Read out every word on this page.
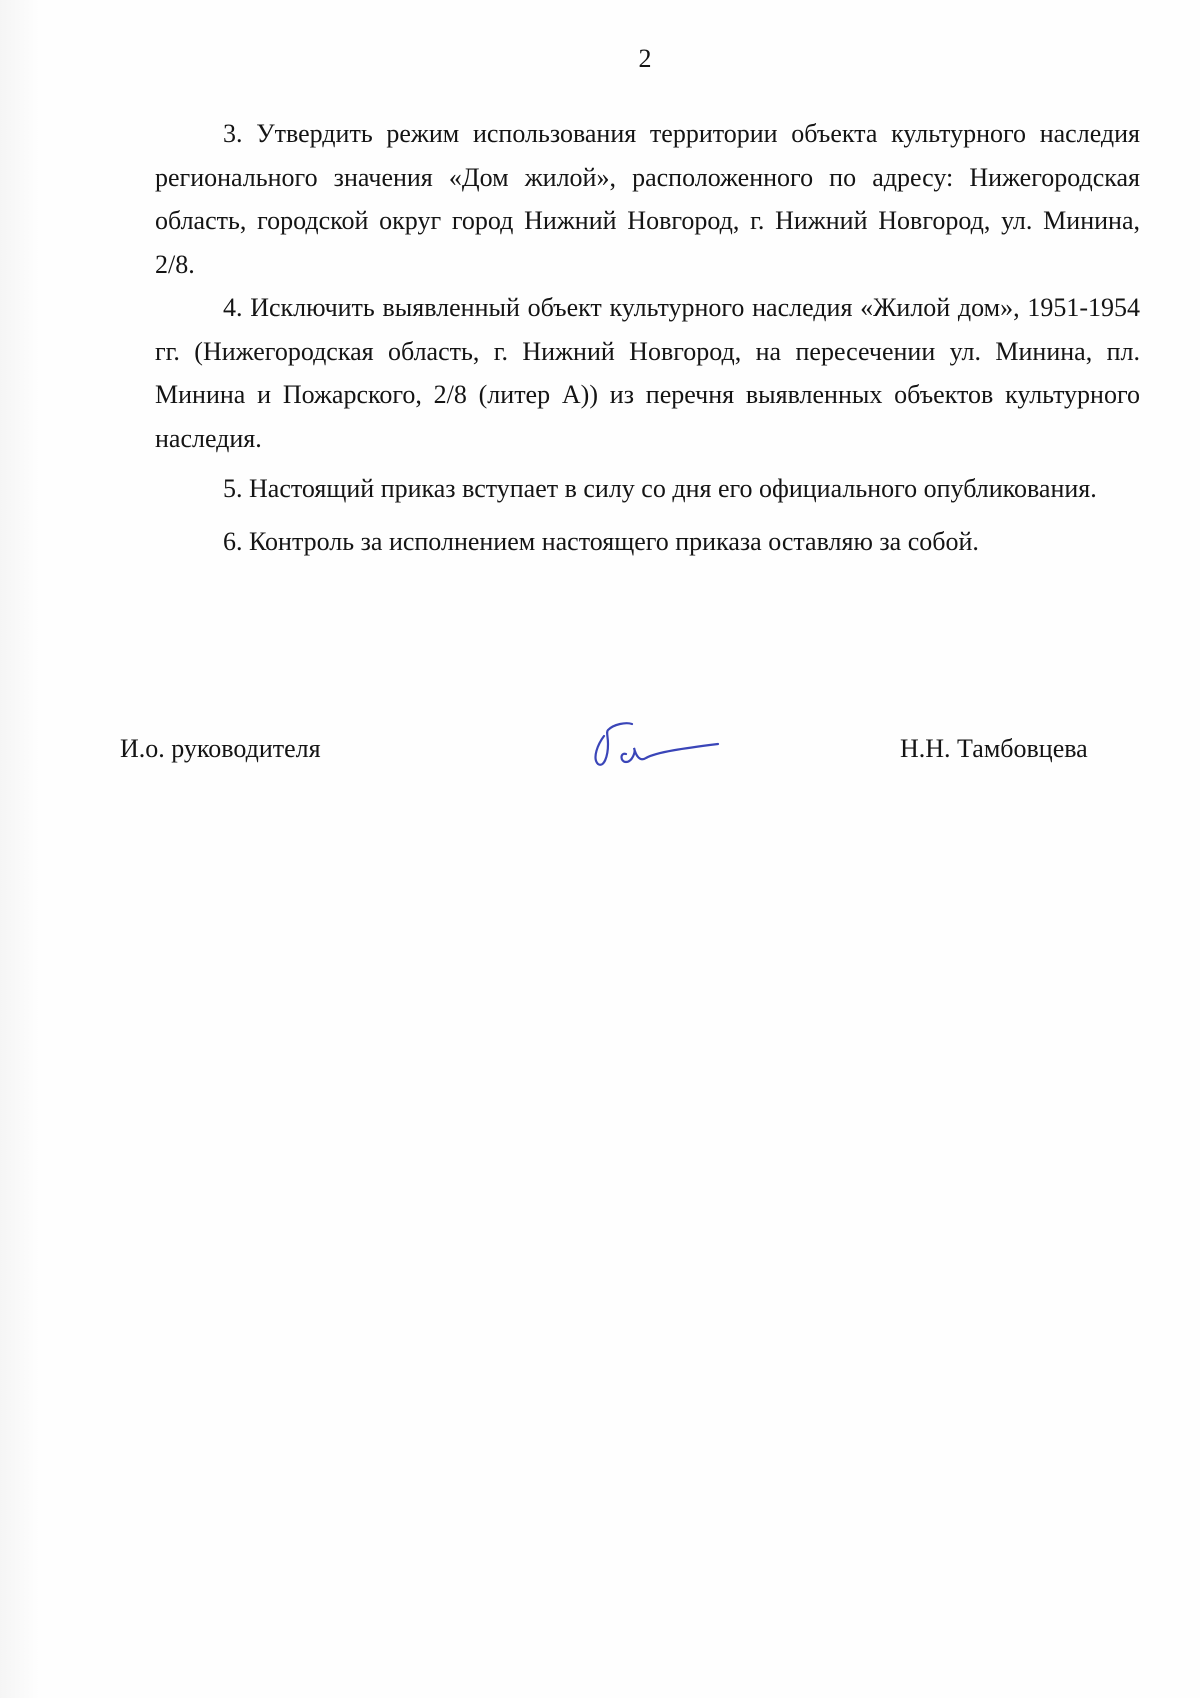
2

3. Утвердить режим использования территории объекта культурного наследия регионального значения «Дом жилой», расположенного по адресу: Нижегородская область, городской округ город Нижний Новгород, г. Нижний Новгород, ул. Минина, 2/8.

4. Исключить выявленный объект культурного наследия «Жилой дом», 1951-1954 гг. (Нижегородская область, г. Нижний Новгород, на пересечении ул. Минина, пл. Минина и Пожарского, 2/8 (литер А)) из перечня выявленных объектов культурного наследия.

5. Настоящий приказ вступает в силу со дня его официального опубликования.

6. Контроль за исполнением настоящего приказа оставляю за собой.

И.о. руководителя	Н.Н. Тамбовцева
